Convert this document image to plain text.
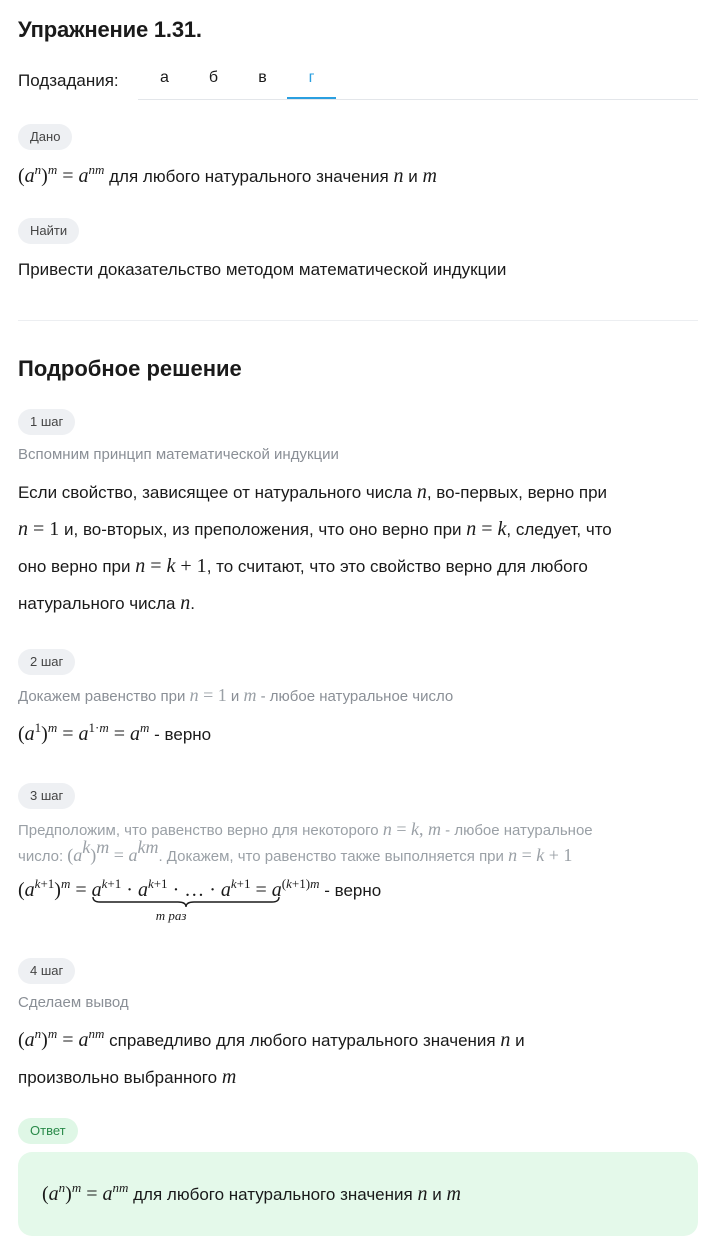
Упражнение 1.31.
Подзадания:	а	б	в	г
Дано
$(a^n)^m = a^{nm}$ для любого натурального значения n и m
Найти
Привести доказательство методом математической индукции
Подробное решение
1 шаг
Вспомним принцип математической индукции
Если свойство, зависящее от натурального числа n, во-первых, верно при
n = 1 и, во-вторых, из преположения, что оно верно при n = k, следует, что
оно верно при n = k + 1, то считают, что это свойство верно для любого
натурального числа n.
2 шаг
Докажем равенство при n = 1 и m - любое натуральное число
$(a^1)^m = a^{1\cdot m} = a^m$ - верно
3 шаг
Предположим, что равенство верно для некоторого n = k, m - любое натуральное
число: $(a^k)^m = a^{km}$. Докажем, что равенство также выполняется при n = k + 1
$(a^{k+1})^m = a^{k+1} \cdot a^{k+1}$ · … · $a^{k+1}$
m раз
= $a^{(k+1)m}$ - верно
4 шаг
Сделаем вывод
$(a^n)^m = a^{nm}$ справедливо для любого натурального значения n и
произвольно выбранного m
Ответ
$(a^n)^m = a^{nm}$ для любого натурального значения n и m
